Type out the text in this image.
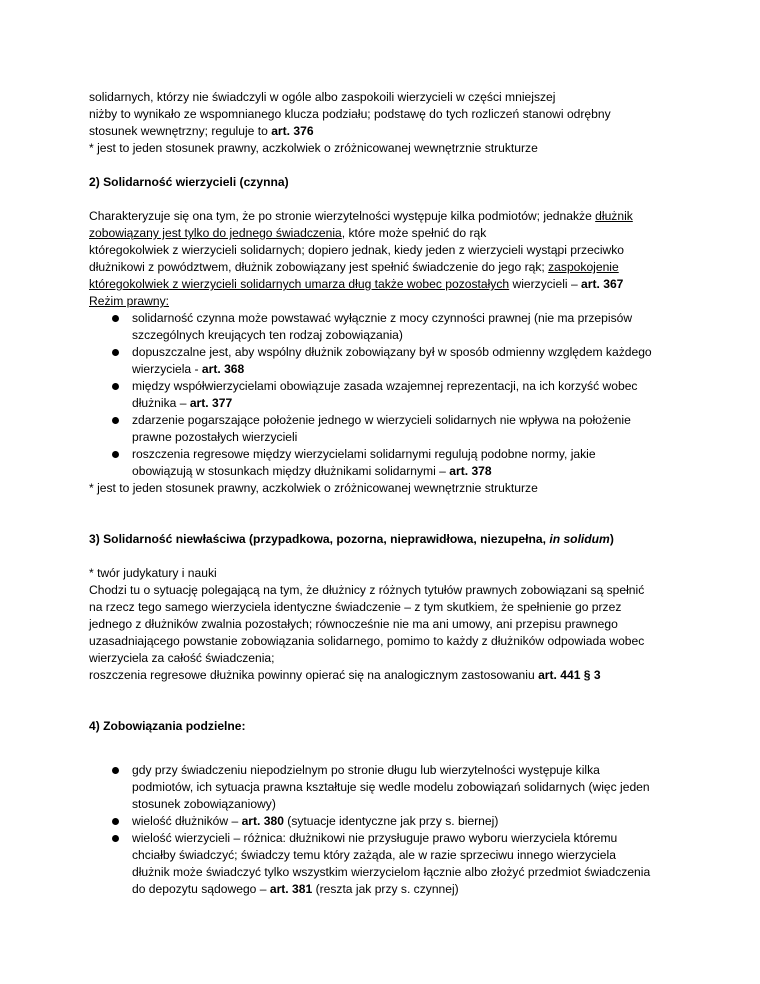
solidarnych, którzy nie świadczyli w ogóle albo zaspokoili wierzycieli w części mniejszej
niżby to wynikało ze wspomnianego klucza podziału; podstawę do tych rozliczeń stanowi odrębny
stosunek wewnętrzny; reguluje to art. 376
* jest to jeden stosunek prawny, aczkolwiek o zróżnicowanej wewnętrznie strukturze
2) Solidarność wierzycieli (czynna)
Charakteryzuje się ona tym, że po stronie wierzytelności występuje kilka podmiotów; jednakże dłużnik
zobowiązany jest tylko do jednego świadczenia, które może spełnić do rąk
któregokolwiek z wierzycieli solidarnych; dopiero jednak, kiedy jeden z wierzycieli wystąpi przeciwko
dłużnikowi z powództwem, dłużnik zobowiązany jest spełnić świadczenie do jego rąk; zaspokojenie
któregokolwiek z wierzycieli solidarnych umarza dług także wobec pozostałych wierzycieli – art. 367
Reżim prawny:
solidarność czynna może powstawać wyłącznie z mocy czynności prawnej (nie ma przepisów
szczególnych kreujących ten rodzaj zobowiązania)
dopuszczalne jest, aby wspólny dłużnik zobowiązany był w sposób odmienny względem każdego
wierzyciela - art. 368
między współwierzycielami obowiązuje zasada wzajemnej reprezentacji, na ich korzyść wobec
dłużnika – art. 377
zdarzenie pogarszające położenie jednego w wierzycieli solidarnych nie wpływa na położenie
prawne pozostałych wierzycieli
roszczenia regresowe między wierzycielami solidarnymi regulują podobne normy, jakie
obowiązują w stosunkach między dłużnikami solidarnymi – art. 378
* jest to jeden stosunek prawny, aczkolwiek o zróżnicowanej wewnętrznie strukturze
3) Solidarność niewłaściwa (przypadkowa, pozorna, nieprawidłowa, niezupełna, in solidum)
* twór judykatury i nauki
Chodzi tu o sytuację polegającą na tym, że dłużnicy z różnych tytułów prawnych zobowiązani są spełnić
na rzecz tego samego wierzyciela identyczne świadczenie – z tym skutkiem, że spełnienie go przez
jednego z dłużników zwalnia pozostałych; równocześnie nie ma ani umowy, ani przepisu prawnego
uzasadniającego powstanie zobowiązania solidarnego, pomimo to każdy z dłużników odpowiada wobec
wierzyciela za całość świadczenia;
roszczenia regresowe dłużnika powinny opierać się na analogicznym zastosowaniu art. 441 § 3
4) Zobowiązania podzielne:
gdy przy świadczeniu niepodzielnym po stronie długu lub wierzytelności występuje kilka
podmiotów, ich sytuacja prawna kształtuje się wedle modelu zobowiązań solidarnych (więc jeden
stosunek zobowiązaniowy)
wielość dłużników – art. 380 (sytuacje identyczne jak przy s. biernej)
wielość wierzycieli – różnica: dłużnikowi nie przysługuje prawo wyboru wierzyciela któremu
chciałby świadczyć; świadczy temu który zażąda, ale w razie sprzeciwu innego wierzyciela
dłużnik może świadczyć tylko wszystkim wierzycielom łącznie albo złożyć przedmiot świadczenia
do depozytu sądowego – art. 381 (reszta jak przy s. czynnej)
